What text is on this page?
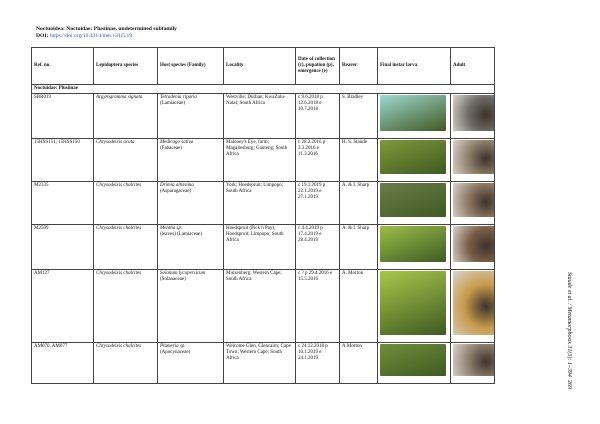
Noctuoidea: Noctuidae: Plusiinae, undetermined subfamily
DOI: https://doi.org/10.4314/met.v31i5.19
Ref. no.	Lepidoptera species	Host species (Family)	Locality	Date of collection (c), pupation (p), emergence (e)	Rearer	Final instar larva	Adult
Noctuidae: Plusiinae							
SBR019	Argyrogramma signata	Tetradenia riparia
(Lamiaceae)	Westville; Durban; KwaZulu-Natal; South Africa	c 9.6.2018 p 12.6.2018 e 10.7.2018	S. Bradley	

15HSS151, 15HSS150	Chrysodeixis acuta	Medicago sativa
(Fabaceae)	Maloney's Eye, farm; Magaliesburg; Gauteng; South Africa	c 28.2.2016 p 3.3.2016 e 11.3.2016	H. S. Staude	

M2335	Chrysodeixis chalcites	Drimia altissima
(Asparagaceae)	York; Hoedspruit; Limpopo; South Africa	c 19.1.2019 p 22.1.2019 e 27.1.2019	A. & I. Sharp	

M2509	Chrysodeixis chalcites	Mentha sp.
(leaves) (Lamiaceae)	Hoedspruit (Pick n Pay); Hoedspruit; Limpopo; South Africa	c 4.4.2019 p 17.4.2019 e 28.4.2019	A. & I. Sharp	

AM127	Chrysodeixis chalcites	Solanum lycopersicum
(Solanaceae)	Muizenberg; Western Cape; South Africa	c ? p 29.4.2016 e 15.5.2016	A. Morton	

AM070, AM077	Chrysodeixis chalcites	Plumeria sp.
(Apocynaceae)	Welcome Glen, Glencairn; Cape Town; Western Cape; South Africa	c 24.12.2018 p 10.1.2019 e 24.1.2019	A.Morton	
		Staude et al. / Metamorphosis 31(3): 1–394
269
